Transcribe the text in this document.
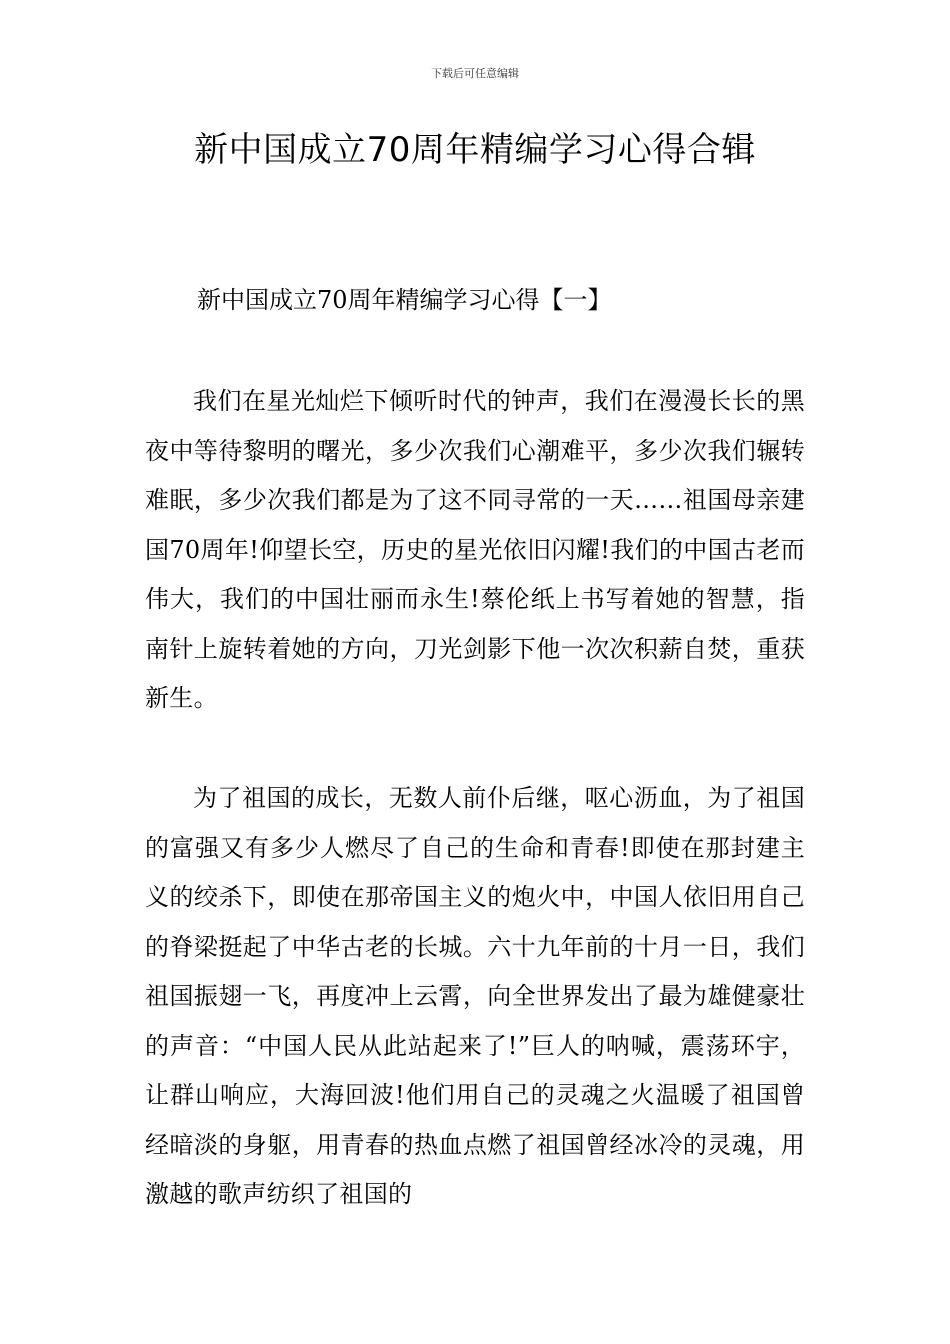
下载后可任意编辑
新中国成立70周年精编学习心得合辑
新中国成立70周年精编学习心得【一】

我们在星光灿烂下倾听时代的钟声，我们在漫漫长长的黑夜中等待黎明的曙光，多少次我们心潮难平，多少次我们辗转难眠，多少次我们都是为了这不同寻常的一天……祖国母亲建国70周年!仰望长空，历史的星光依旧闪耀!我们的中国古老而伟大，我们的中国壮丽而永生!蔡伦纸上书写着她的智慧，指南针上旋转着她的方向，刀光剑影下他一次次积薪自焚，重获新生。

为了祖国的成长，无数人前仆后继，呕心沥血，为了祖国的富强又有多少人燃尽了自己的生命和青春!即使在那封建主义的绞杀下，即使在那帝国主义的炮火中，中国人依旧用自己的脊梁挺起了中华古老的长城。六十九年前的十月一日，我们祖国振翅一飞，再度冲上云霄，向全世界发出了最为雄健豪壮的声音：“中国人民从此站起来了!”巨人的呐喊，震荡环宇，让群山响应，大海回波!他们用自己的灵魂之火温暖了祖国曾经暗淡的身躯，用青春的热血点燃了祖国曾经冰冷的灵魂，用激越的歌声纺织了祖国的
